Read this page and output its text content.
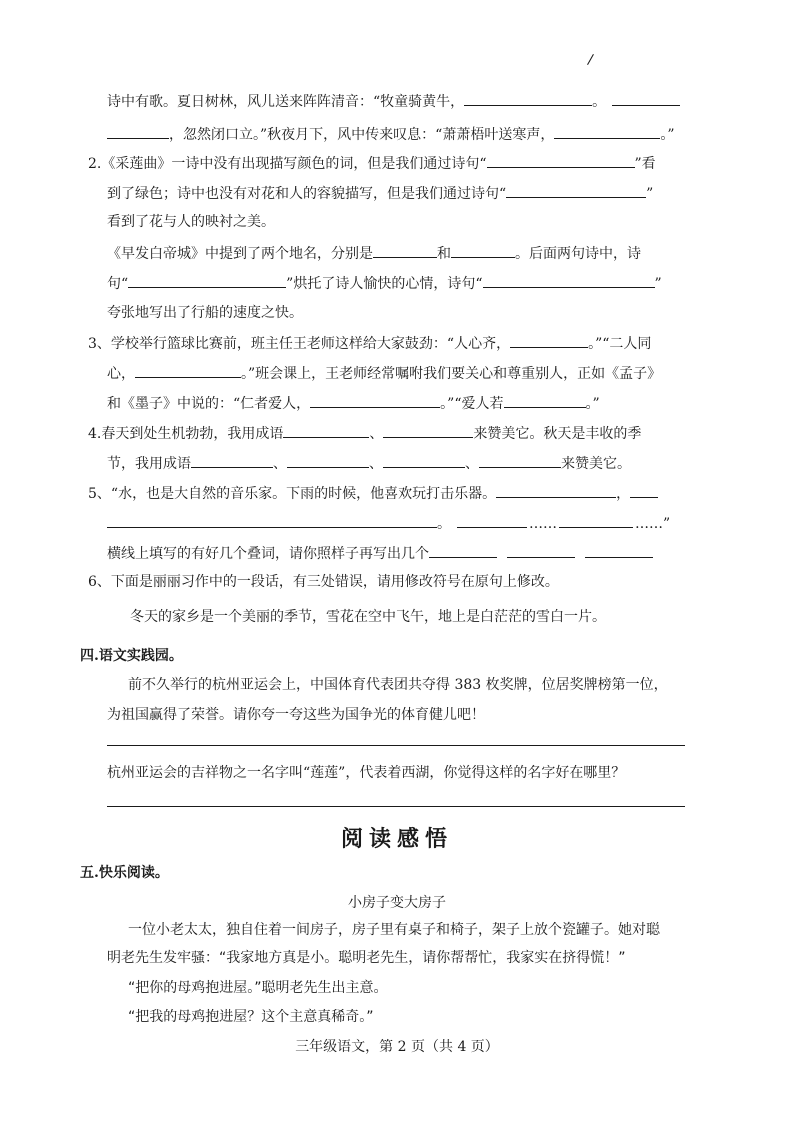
/
诗中有歌。夏日树林，风儿送来阵阵清音：“牧童骑黄牛，	。
，忽然闭口立。”秋夜月下，风中传来叹息：“萧萧梧叶送寒声，	。”
2.《采莲曲》一诗中没有出现描写颜色的词，但是我们通过诗句“	”看
到了绿色；诗中也没有对花和人的容貌描写，但是我们通过诗句“	”
看到了花与人的映衬之美。
《早发白帝城》中提到了两个地名，分别是	和	。后面两句诗中，诗
句“	”烘托了诗人愉快的心情，诗句“	”
夸张地写出了行船的速度之快。
3、学校举行篮球比赛前，班主任王老师这样给大家鼓劲：“人心齐，	。”“二人同
心，	。”班会课上，王老师经常嘱咐我们要关心和尊重别人，正如《孟子》
和《墨子》中说的：“仁者爱人，	。”“爱人若	。”
4.春天到处生机勃勃，我用成语	、	来赞美它。秋天是丰收的季
节，我用成语	、	、	、	来赞美它。
5、“水，也是大自然的音乐家。下雨的时候，他喜欢玩打击乐器。	，
。	……	……”
横线上填写的有好几个叠词，请你照样子再写出几个
6、下面是丽丽习作中的一段话，有三处错误，请用修改符号在原句上修改。
冬天的家乡是一个美丽的季节，雪花在空中飞午，地上是白茫茫的雪白一片。
四.语文实践园。
前不久举行的杭州亚运会上，中国体育代表团共夺得 383 枚奖牌，位居奖牌榜第一位，
为祖国赢得了荣誉。请你夸一夸这些为国争光的体育健儿吧！
杭州亚运会的吉祥物之一名字叫“莲莲”，代表着西湖，你觉得这样的名字好在哪里？
阅读感悟
五.快乐阅读。
小房子变大房子
一位小老太太，独自住着一间房子，房子里有桌子和椅子，架子上放个瓷罐子。她对聪
明老先生发牢骚：“我家地方真是小。聪明老先生，请你帮帮忙，我家实在挤得慌！”
“把你的母鸡抱进屋。”聪明老先生出主意。
“把我的母鸡抱进屋？这个主意真稀奇。”
三年级语文，第 2 页（共 4 页）
